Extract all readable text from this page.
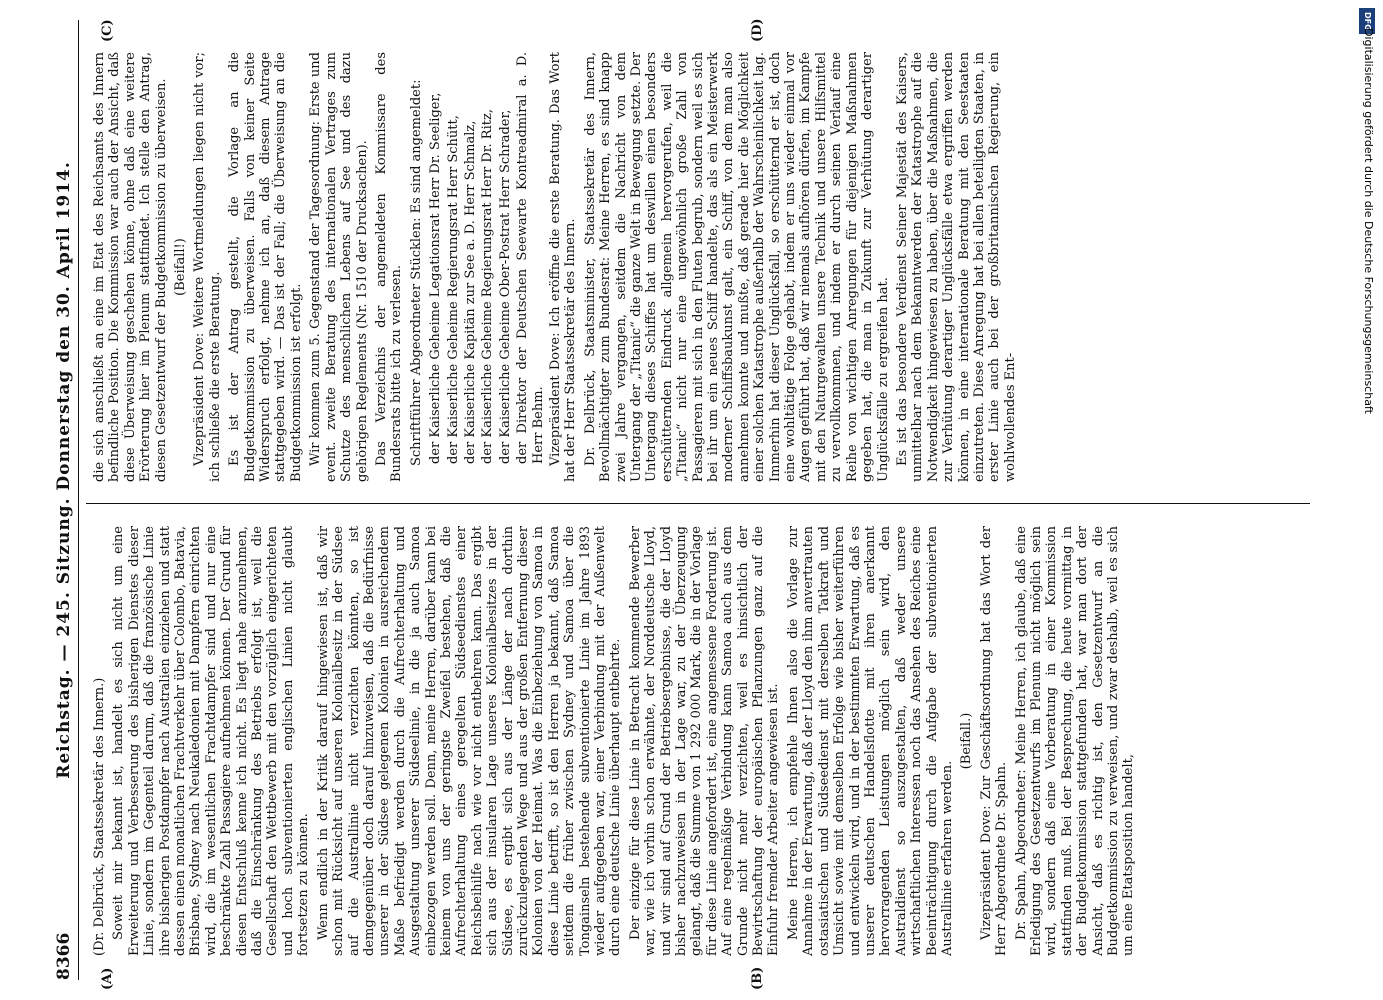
8366
Reichstag. — 245. Sitzung. Donnerstag den 30. April 1914.
(A)	(B)
(C)	(D)

(Dr. Delbrück, Staatssekretär des Innern.) Soweit mir bekannt ist, handelt es sich nicht um eine Erweiterung und Verbesserung des bisherigen Dienstes dieser Linie, sondern im Gegenteil darum, daß die französische Linie ihre bisherigen Postdampfer nach Australien einziehen und statt dessen einen monatlichen Frachtverkehr über Colombo, Batavia, Brisbane, Sydney nach Neukaledonien mit Dampfern einrichten wird, die im wesentlichen Frachtdampfer sind und nur eine beschränkte Zahl Passagiere aufnehmen können. Der Grund für diesen Entschluß kenne ich nicht. Es liegt nahe anzunehmen, daß die Einschränkung des Betriebs erfolgt ist, weil die Gesellschaft den Wettbewerb mit den vorzüglich eingerichteten und hoch subventionierten englischen Linien nicht glaubt fortsetzen zu können. Wenn endlich in der Kritik darauf hingewiesen ist, daß wir schon mit Rücksicht auf unseren Kolonialbesitz in der Südsee auf die Australlinie nicht verzichten könnten, so ist demgegenüber doch darauf hinzuweisen, daß die Bedürfnisse unserer in der Südsee gelegenen Kolonien in ausreichendem Maße befriedigt werden durch die Aufrechterhaltung und Ausgestaltung unserer Südseelinie, in die ja auch Samoa einbezogen werden soll. Denn, meine Herren, darüber kann bei keinem von uns der geringste Zweifel bestehen, daß die Aufrechterhaltung eines geregelten Südseedienstes einer Reichsbeihilfe nach wie vor nicht entbehren kann. Das ergibt sich aus der insularen Lage unseres Kolonialbesitzes in der Südsee, es ergibt sich aus der Länge der nach dorthin zurückzulegenden Wege und aus der großen Entfernung dieser Kolonien von der Heimat. Was die Einbeziehung von Samoa in diese Linie betrifft, so ist den Herren ja bekannt, daß Samoa seitdem die früher zwischen Sydney und Samoa über die Tongainseln bestehende subventionierte Linie im Jahre 1893 wieder aufgegeben war, einer Verbindung mit der Außenwelt durch eine deutsche Linie überhaupt entbehrte. Der einzige für diese Linie in Betracht kommende Bewerber war, wie ich vorhin schon erwähnte, der Norddeutsche Lloyd, und wir sind auf Grund der Betriebsergebnisse, die der Lloyd bisher nachzuweisen in der Lage war, zu der Überzeugung gelangt, daß die Summe von 1 292 000 Mark, die in der Vorlage für diese Linie angefordert ist, eine angemessene Forderung ist. Auf eine regelmäßige Verbindung kann Samoa auch aus dem Grunde nicht mehr verzichten, weil es hinsichtlich der Bewirtschaftung der europäischen Pflanzungen ganz auf die Einfuhr fremder Arbeiter angewiesen ist. Meine Herren, ich empfehle Ihnen also die Vorlage zur Annahme in der Erwartung, daß der Lloyd den ihm anvertrauten ostasiatischen und Südseedienst mit derselben Tatkraft und Umsicht sowie mit demselben Erfolge wie bisher weiterführen und entwickeln wird, und in der bestimmten Erwartung, daß es unserer deutschen Handelsflotte mit ihren anerkannt hervorragenden Leistungen möglich sein wird, den Australdienst so auszugestalten, daß weder unsere wirtschaftlichen Interessen noch das Ansehen des Reiches eine Beeinträchtigung durch die Aufgabe der subventionierten Australlinie erfahren werden.

(Beifall.) Vizepräsident Dove: Zur Geschäftsordnung hat das Wort der Herr Abgeordnete Dr. Spahn. Dr. Spahn, Abgeordneter: Meine Herren, ich glaube, daß eine Erledigung des Gesetzentwurfs im Plenum nicht möglich sein wird, sondern daß eine Vorberatung in einer Kommission stattfinden muß. Bei der Besprechung, die heute vormittag in der Budgetkommission stattgefunden hat, war man dort der Ansicht, daß es richtig ist, den Gesetzentwurf an die Budgetkommission zu verweisen, und zwar deshalb, weil es sich um eine Etatsposition handelt,

die sich anschließt an eine im Etat des Reichsamts des Innern befindliche Position. Die Kommission war auch der Ansicht, daß diese Überweisung geschehen könne, ohne daß eine weitere Erörterung hier im Plenum stattfindet. Ich stelle den Antrag, diesen Gesetzentwurf der Budgetkommission zu überweisen. (Beifall!) Vizepräsident Dove: Weitere Wortmeldungen liegen nicht vor; ich schließe die erste Beratung. Es ist der Antrag gestellt, die Vorlage an die Budgetkommission zu überweisen. Falls von keiner Seite Widerspruch erfolgt, nehme ich an, daß diesem Antrage stattgegeben wird. — Das ist der Fall; die Überweisung an die Budgetkommission ist erfolgt. Wir kommen zum 5. Gegenstand der Tagesordnung: Erste und event. zweite Beratung des internationalen Vertrages zum Schutze des menschlichen Lebens auf See und des dazu gehörigen Reglements (Nr. 1510 der Drucksachen). Das Verzeichnis der angemeldeten Kommissare des Bundesrats bitte ich zu verlesen. Schriftführer Abgeordneter Stücklen: Es sind angemeldet: der Kaiserliche Geheime Legationsrat Herr Dr. Seeliger, der Kaiserliche Geheime Regierungsrat Herr Schütt, der Kaiserliche Kapitän zur See a. D. Herr Schmalz, der Kaiserliche Geheime Regierungsrat Herr Dr. Ritz, der Kaiserliche Geheime Ober-Postrat Herr Schrader, der Direktor der Deutschen Seewarte Kontreadmiral a. D. Herr Behm. Vizepräsident Dove: Ich eröffne die erste Beratung. Das Wort hat der Herr Staatssekretär des Innern. Dr. Delbrück, Staatsminister, Staatssekretär des Innern, Bevollmächtigter zum Bundesrat: Meine Herren, es sind knapp zwei Jahre vergangen, seitdem die Nachricht von dem Untergang der „Titanic“ die ganze Welt in Bewegung setzte. Der Untergang dieses Schiffes hat um deswillen einen besonders erschütternden Eindruck allgemein hervorgerufen, weil die „Titanic“ nicht nur eine ungewöhnlich große Zahl von Passagieren mit sich in den Fluten begrub, sondern weil es sich bei ihr um ein neues Schiff handelte, das als ein Meisterwerk moderner Schiffsbaukunst galt, ein Schiff, von dem man also annehmen konnte und mußte, daß gerade hier die Möglichkeit einer solchen Katastrophe außerhalb der Wahrscheinlichkeit lag. Immerhin hat dieser Unglücksfall, so erschütternd er ist, doch eine wohltätige Folge gehabt, indem er uns wieder einmal vor Augen geführt hat, daß wir niemals aufhören dürfen, im Kampfe mit den Naturgewalten unsere Technik und unsere Hilfsmittel zu vervollkommnen, und indem er durch seinen Verlauf eine Reihe von wichtigen Anregungen für diejenigen Maßnahmen gegeben hat, die man in Zukunft zur Verhütung derartiger Unglücksfälle zu ergreifen hat. Es ist das besondere Verdienst Seiner Majestät des Kaisers, unmittelbar nach dem Bekanntwerden der Katastrophe auf die Notwendigkeit hingewiesen zu haben, über die Maßnahmen, die zur Verhütung derartiger Unglücksfälle etwa ergriffen werden können, in eine internationale Beratung mit den Seestaaten einzutreten. Diese Anregung hat bei allen beteiligten Staaten, in erster Linie auch bei der großbritannischen Regierung, ein wohlwollendes Ent-

DFG
Digitalisierung gefördert durch die Deutsche Forschungsgemeinschaft
